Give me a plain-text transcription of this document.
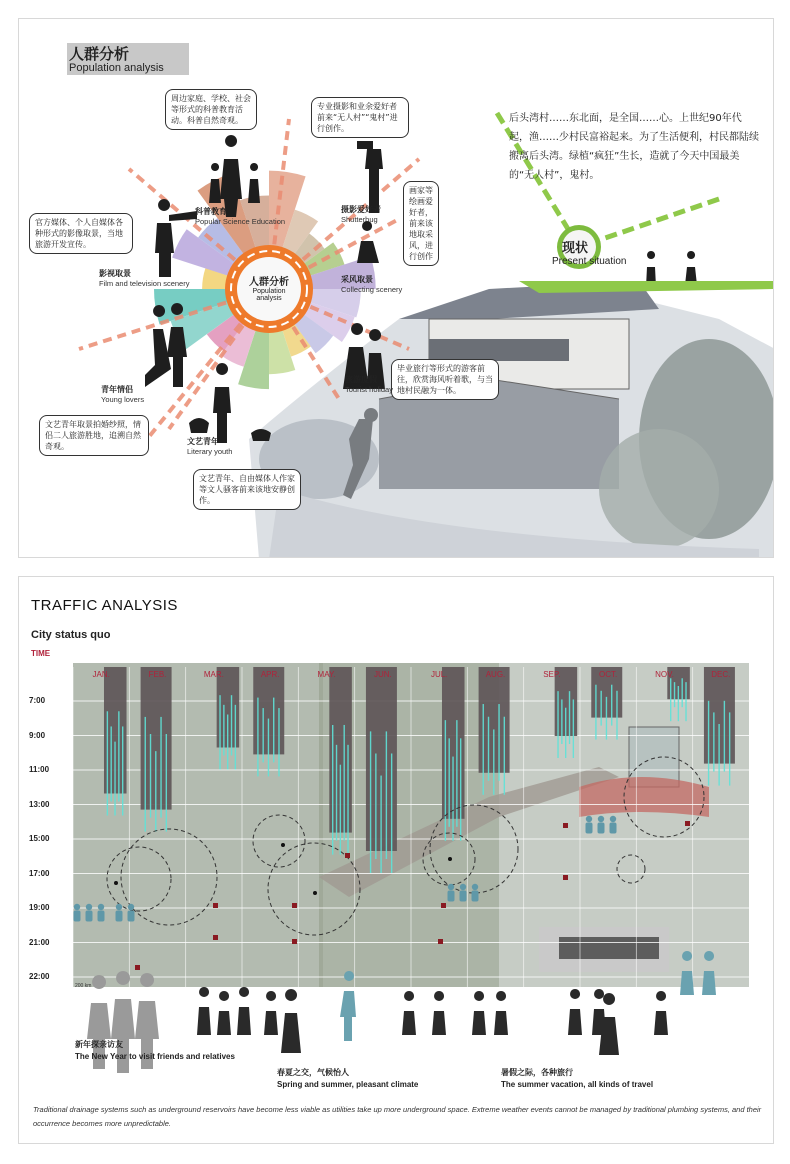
人群分析
Population analysis
人群分析
Population
analysis
周边家庭、学校、社会等形式的科普教育活动。科普自然奇观。
专业摄影和业余爱好者前来“无人村”“鬼村”进行创作。
官方媒体、个人自媒体各种形式的影像取景，当地旅游开发宣传。
画家等绘画爱好者，前来该地取采风，进行创作
文艺青年取景拍婚纱照，情侣二人旅游胜地，追溯自然奇观。
文艺青年、自由媒体人作家等文人骚客前来该地安静创作。
毕业旅行等形式的游客前往，欣赏海风听着歌，与当地村民融为一体。
科普教育
Popular Science Education
摄影爱好者
Shutterbug
影视取景
Film and television scenery	采风取景
Collecting scenery
青年情侣
Young lovers
旅游度假
Tourist holiday
文艺青年
Literary youth
后头湾村……东北面，是全国……心。上世纪90年代起，渔……少村民富裕起来。为了生活便利，村民都陆续搬离后头湾。绿植“疯狂”生长，造就了今天中国最美的“无人村”，鬼村。
现状
Present situation
TRAFFIC ANALYSIS
City status quo
TIME
7:00
9:00
11:00
13:00
15:00
17:00
19:00
21:00
22:00
JAN.	FEB.	MAR.	APR.	MAY.	JUN.	JUL.	AUG.	SEP.	OCT.	NOV.	DEC.
200 km
新年探亲访友
The New Year to visit friends and relatives
春夏之交，气候怡人
Spring and summer, pleasant climate
暑假之际，各种旅行
The summer vacation, all kinds of travel
Traditional drainage systems such as underground reservoirs have become less viable as utilities take up more underground space. Extreme weather events cannot be managed by traditional plumbing systems, and their occurrence becomes more unpredictable.
